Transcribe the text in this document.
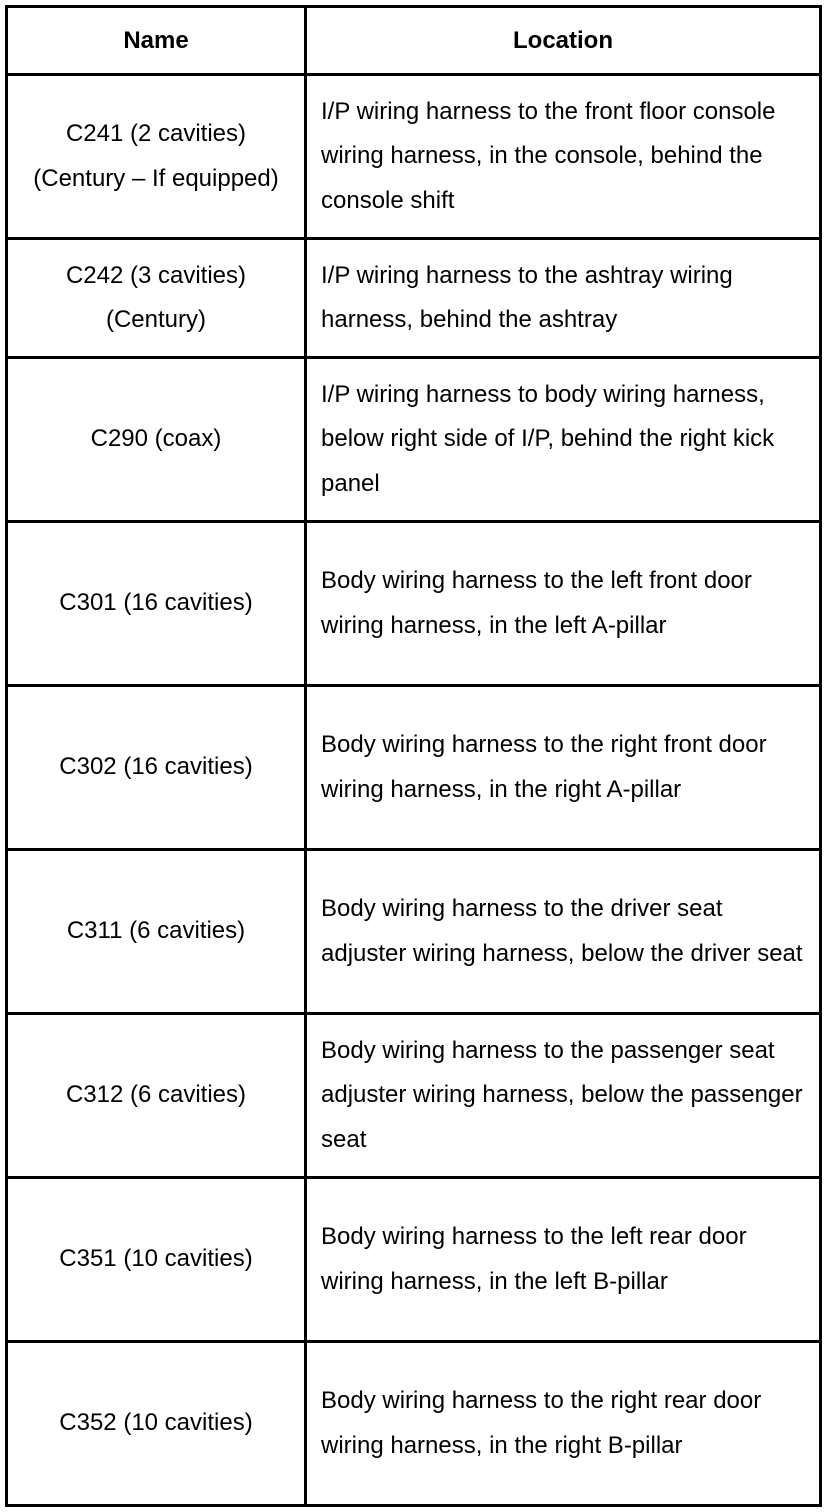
Name	Location

C241 (2 cavities) (Century – If equipped)	I/P wiring harness to the front floor console wiring harness, in the console, behind the console shift

C242 (3 cavities) (Century)	I/P wiring harness to the ashtray wiring harness, behind the ashtray

C290 (coax)	I/P wiring harness to body wiring harness, below right side of I/P, behind the right kick panel

C301 (16 cavities)	Body wiring harness to the left front door wiring harness, in the left A-pillar

C302 (16 cavities)	Body wiring harness to the right front door wiring harness, in the right A-pillar

C311 (6 cavities)	Body wiring harness to the driver seat adjuster wiring harness, below the driver seat

C312 (6 cavities)	Body wiring harness to the passenger seat adjuster wiring harness, below the passenger seat

C351 (10 cavities)	Body wiring harness to the left rear door wiring harness, in the left B-pillar

C352 (10 cavities)	Body wiring harness to the right rear door wiring harness, in the right B-pillar
